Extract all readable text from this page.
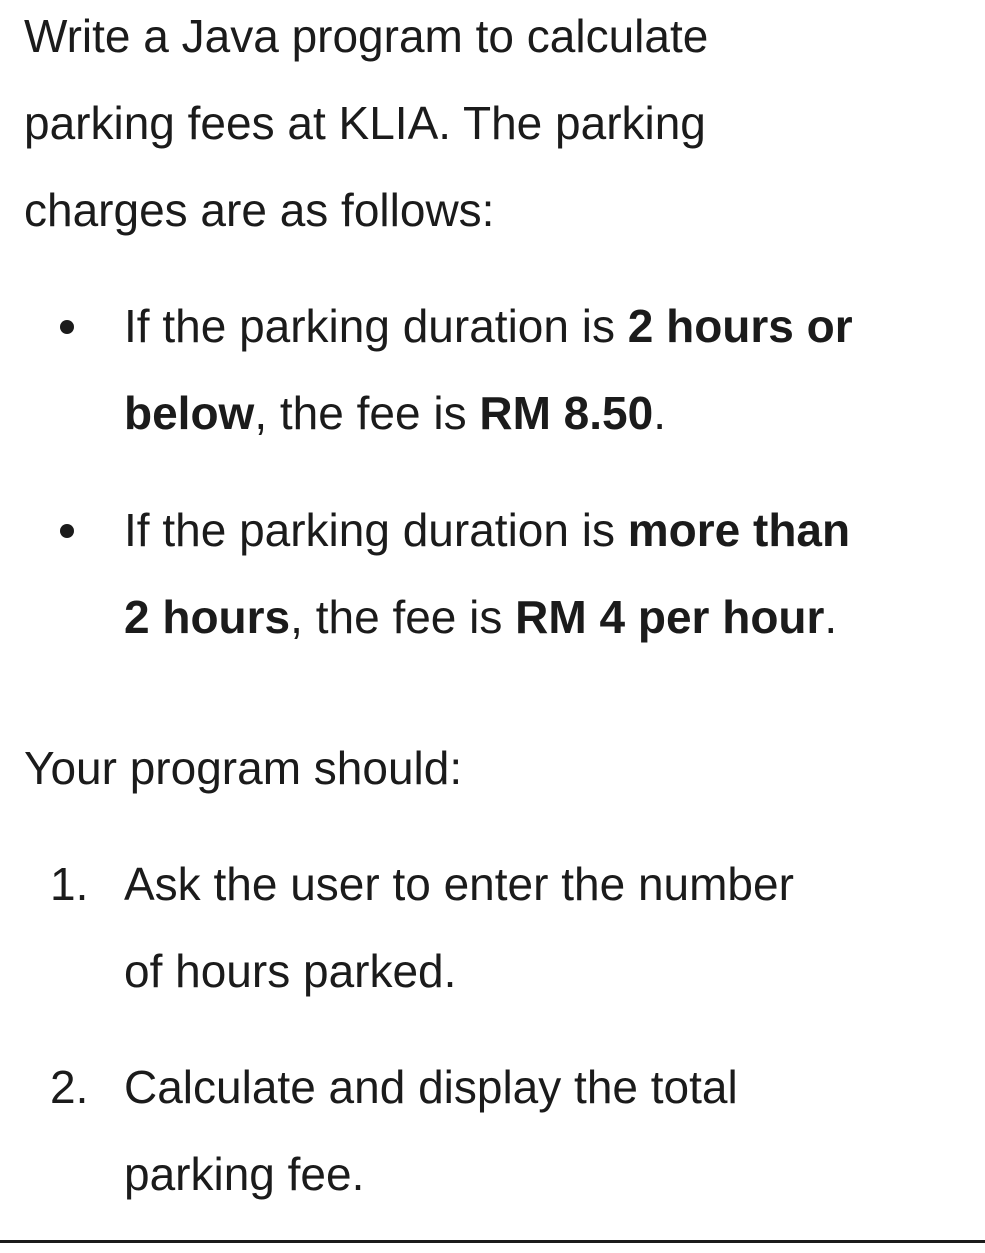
Write a Java program to calculate
parking fees at KLIA. The parking
charges are as follows:
If the parking duration is 2 hours or
below, the fee is RM 8.50.
If the parking duration is more than
2 hours, the fee is RM 4 per hour.
Your program should:
1. Ask the user to enter the number
of hours parked.
2. Calculate and display the total
parking fee.
